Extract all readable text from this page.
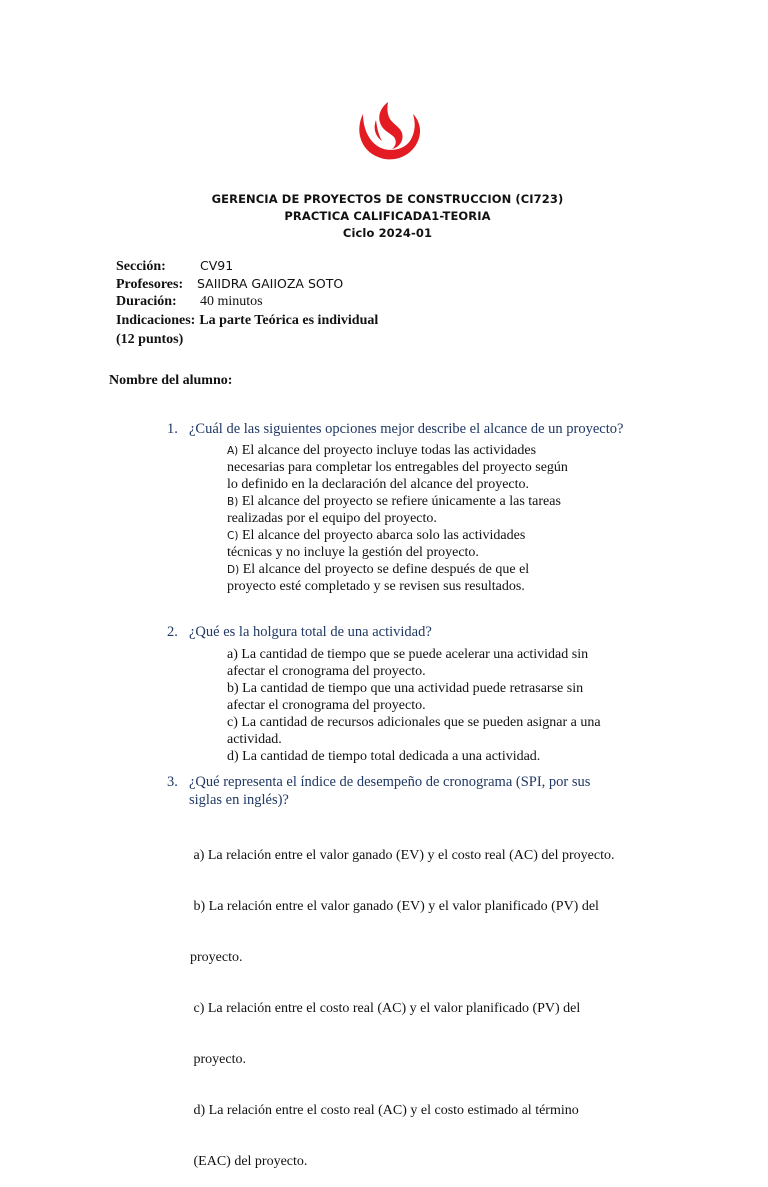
GERENCIA DE PROYECTOS DE CONSTRUCCION (CI723)
PRACTICA CALIFICADA1-TEORIA
Ciclo 2024-01
Sección:	CV91
Profesores: SAIIDRA GAIIOZA SOTO
Duración: 40 minutos
Indicaciones: La parte Teórica es individual
(12 puntos)
Nombre del alumno:
1. ¿Cuál de las siguientes opciones mejor describe el alcance de un proyecto?
A) El alcance del proyecto incluye todas las actividades
necesarias para completar los entregables del proyecto según
lo definido en la declaración del alcance del proyecto.
B) El alcance del proyecto se refiere únicamente a las tareas
realizadas por el equipo del proyecto.
C) El alcance del proyecto abarca solo las actividades
técnicas y no incluye la gestión del proyecto.
D) El alcance del proyecto se define después de que el
proyecto esté completado y se revisen sus resultados.
2. ¿Qué es la holgura total de una actividad?
a) La cantidad de tiempo que se puede acelerar una actividad sin
afectar el cronograma del proyecto.
b) La cantidad de tiempo que una actividad puede retrasarse sin
afectar el cronograma del proyecto.
c) La cantidad de recursos adicionales que se pueden asignar a una
actividad.
d) La cantidad de tiempo total dedicada a una actividad.
3. ¿Qué representa el índice de desempeño de cronograma (SPI, por sus
siglas en inglés)?

a) La relación entre el valor ganado (EV) y el costo real (AC) del proyecto.

b) La relación entre el valor ganado (EV) y el valor planificado (PV) del

proyecto.

c) La relación entre el costo real (AC) y el valor planificado (PV) del

proyecto.

d) La relación entre el costo real (AC) y el costo estimado al término

(EAC) del proyecto.
